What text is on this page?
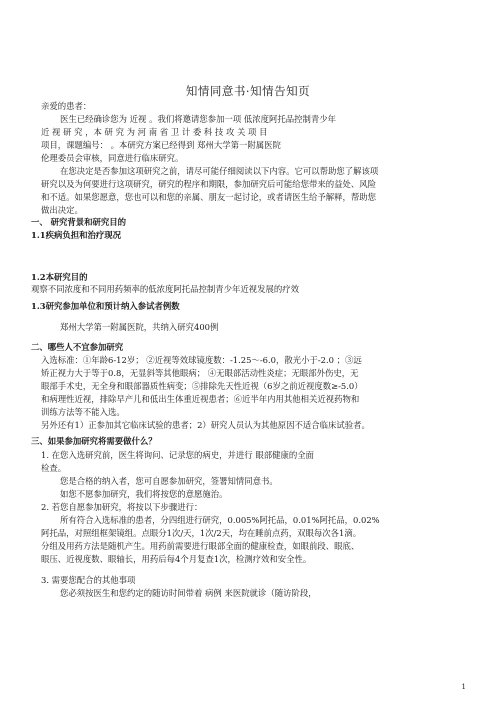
知情同意书·知情告知页
亲爱的患者：
医生已经确诊您为 近视 。我们将邀请您参加一项 低浓度阿托品控制青少年
近 视 研 究 ，本 研 究 为 河 南 省 卫 计 委 科 技 攻 关 项 目
项目，课题编号： 。本研究方案已经得到 郑州大学第一附属医院
伦理委员会审核，同意进行临床研究。
在您决定是否参加这项研究之前，请尽可能仔细阅读以下内容。它可以帮助您了解该项
研究以及为何要进行这项研究，研究的程序和期限，参加研究后可能给您带来的益处、风险
和不适。如果您愿意，您也可以和您的亲属、朋友一起讨论，或者请医生给予解释，帮助您
做出决定。
一、 研究背景和研究目的
1.1疾病负担和治疗现况
1.2本研究目的
观察不同浓度和不同用药频率的低浓度阿托品控制青少年近视发展的疗效
1.3研究参加单位和预计纳入参试者例数
郑州大学第一附属医院，共纳入研究400例
二、哪些人不宜参加研究
入选标准：①年龄6-12岁； ②近视等效球镜度数：-1.25～-6.0，散光小于-2.0 ；③远
矫正视力大于等于0.8，无显斜等其他眼病； ④无眼部活动性炎症；无眼部外伤史，无
眼部手术史，无全身和眼部器质性病变；⑤排除先天性近视（6岁之前近视度数≥-5.0）
和病理性近视，排除早产儿和低出生体重近视患者；⑥近半年内用其他相关近视药物和
训练方法等不能入选。
另外还有1）正参加其它临床试验的患者；2）研究人员认为其他原因不适合临床试验者。
三、如果参加研究将需要做什么？
1. 在您入选研究前，医生将询问、记录您的病史，并进行 眼部健康的全面
检查。
您是合格的纳入者，您可自愿参加研究，签署知情同意书。
如您不愿参加研究，我们将按您的意愿施治。
2. 若您自愿参加研究，将按以下步骤进行：
所有符合入选标准的患者，分四组进行研究，0.005%阿托品，0.01%阿托品，0.02%
阿托品，对照组框架镜组。点眼分1次/天，1次/2天，均在睡前点药，双眼每次各1滴。
分组及用药方法是随机产生。用药前需要进行眼部全面的健康检查，如眼前段、眼底、
眼压、近视度数、眼轴长，用药后每4个月复查1次，检测疗效和安全性。
3. 需要您配合的其他事项
您必须按医生和您约定的随访时间带着 病例 来医院就诊（随访阶段，
1
